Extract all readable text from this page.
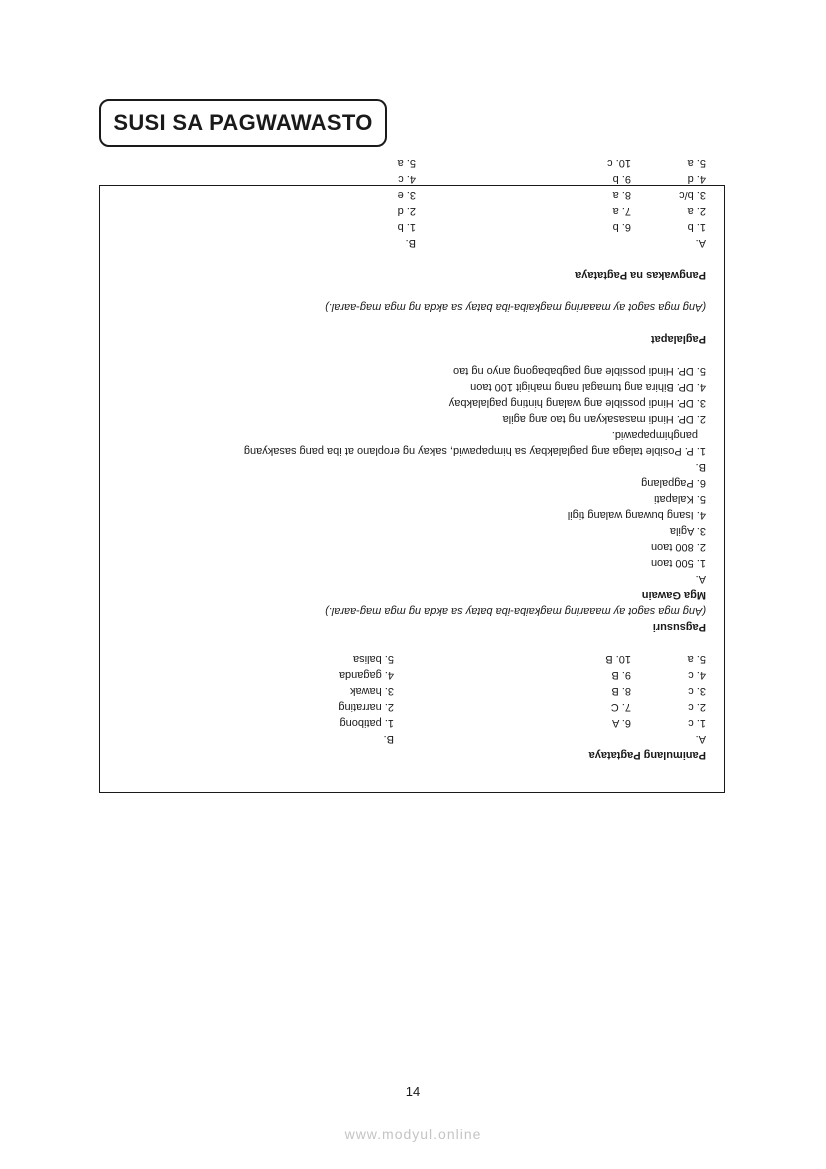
SUSI SA PAGWAWASTO
Panimulang Pagtataya
A.
B.
1. c
2. c
3. c
4. c
5. a
6. A
7. C
8. B
9. B
10. B
1. patibong
2. narrating
3. hawak
4. gaganda
5. balisa
Pagsusuri
(Ang mga sagot ay maaaring magkaiba-iba batay sa akda ng mga mag-aaral.)
Mga Gawain
A.
1. 500 taon
2. 800 taon
3. Agila
4. Isang buwang walang tigil
5. Kalapati
6. Pagpalang
B.
1. P. Posible talaga ang paglalakbay sa himpapawid, sakay ng eroplano at iba pang sasakyang
panghimpapawid.
2. DP. Hindi masasakyan ng tao ang agila
3. DP. Hindi possible ang walang hinting paglalakbay
4. DP. Bihira ang tumagal nang mahigit 100 taon
5. DP. Hindi possible ang pagbabagong anyo ng tao
Paglalapat
(Ang mga sagot ay maaaring magkaiba-iba batay sa akda ng mga mag-aaral.)
Pangwakas na Pagtataya
A.
B.
1. b
2. a
3. b/c
4. d
5. a
6. b
7. a
8. a
9. b
10. c
1. b
2. d
3. e
4. c
5. a
14
www.modyul.online
